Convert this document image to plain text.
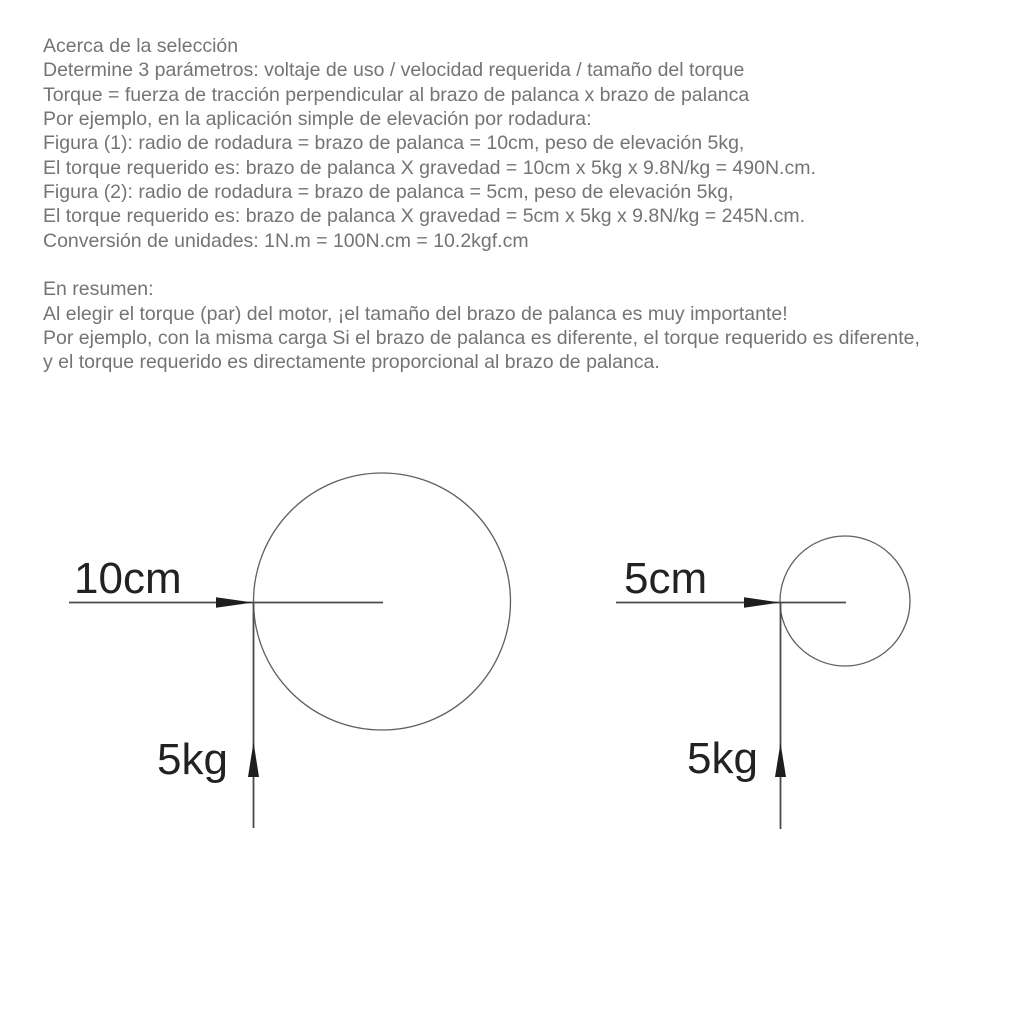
Acerca de la selección
Determine 3 parámetros: voltaje de uso / velocidad requerida / tamaño del torque
Torque = fuerza de tracción perpendicular al brazo de palanca x brazo de palanca
Por ejemplo, en la aplicación simple de elevación por rodadura:
Figura (1): radio de rodadura = brazo de palanca = 10cm, peso de elevación 5kg,
El torque requerido es: brazo de palanca X gravedad = 10cm x 5kg x 9.8N/kg = 490N.cm.
Figura (2): radio de rodadura = brazo de palanca = 5cm, peso de elevación 5kg,
El torque requerido es: brazo de palanca X gravedad = 5cm x 5kg x 9.8N/kg = 245N.cm.
Conversión de unidades: 1N.m = 100N.cm = 10.2kgf.cm
En resumen:
Al elegir el torque (par) del motor, ¡el tamaño del brazo de palanca es muy importante!
Por ejemplo, con la misma carga Si el brazo de palanca es diferente, el torque requerido es diferente,
y el torque requerido es directamente proporcional al brazo de palanca.
10cm
5kg
5cm
5kg
